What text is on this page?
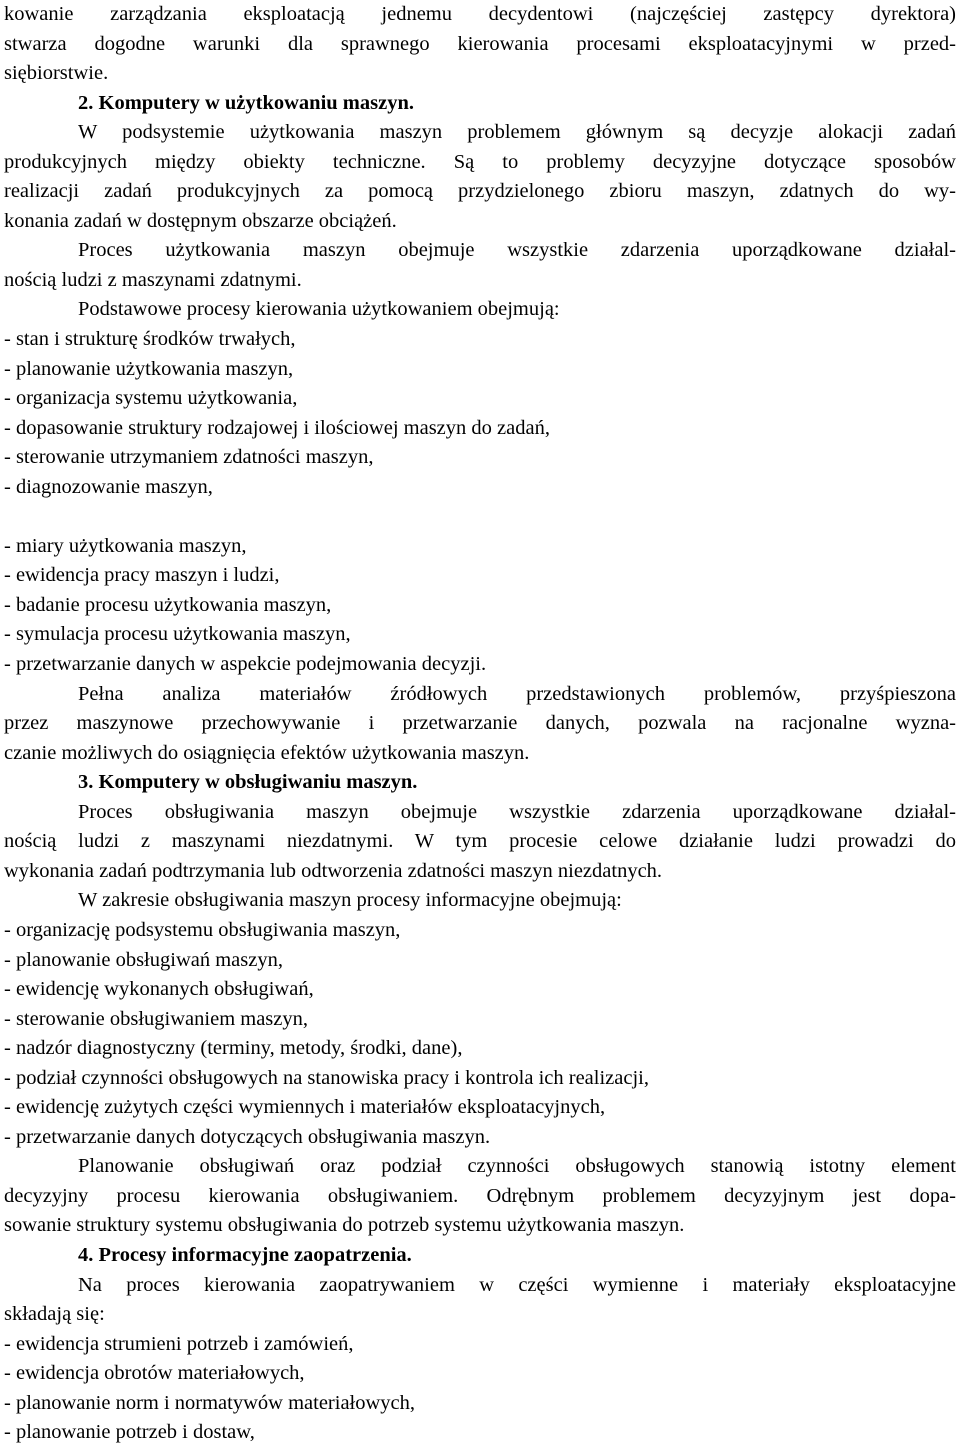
kowanie zarządzania eksploatacją jednemu decydentowi (najczęściej zastępcy dyrektora)
stwarza dogodne warunki dla sprawnego kierowania procesami eksploatacyjnymi w przed-
siębiorstwie.
2. Komputery w użytkowaniu maszyn.
W podsystemie użytkowania maszyn problemem głównym są decyzje alokacji zadań
produkcyjnych między obiekty techniczne. Są to problemy decyzyjne dotyczące sposobów
realizacji zadań produkcyjnych za pomocą przydzielonego zbioru maszyn, zdatnych do wy-
konania zadań w dostępnym obszarze obciążeń.
Proces użytkowania maszyn obejmuje wszystkie zdarzenia uporządkowane działal-
nością ludzi z maszynami zdatnymi.
Podstawowe procesy kierowania użytkowaniem obejmują:
- stan i strukturę środków trwałych,
- planowanie użytkowania maszyn,
- organizacja systemu użytkowania,
- dopasowanie struktury rodzajowej i ilościowej maszyn do zadań,
- sterowanie utrzymaniem zdatności maszyn,
- diagnozowanie maszyn,
- miary użytkowania maszyn,
- ewidencja pracy maszyn i ludzi,
- badanie procesu użytkowania maszyn,
- symulacja procesu użytkowania maszyn,
- przetwarzanie danych w aspekcie podejmowania decyzji.
Pełna analiza materiałów źródłowych przedstawionych problemów, przyśpieszona
przez maszynowe przechowywanie i przetwarzanie danych, pozwala na racjonalne wyzna-
czanie możliwych do osiągnięcia efektów użytkowania maszyn.
3. Komputery w obsługiwaniu maszyn.
Proces obsługiwania maszyn obejmuje wszystkie zdarzenia uporządkowane działal-
nością ludzi z maszynami niezdatnymi. W tym procesie celowe działanie ludzi prowadzi do
wykonania zadań podtrzymania lub odtworzenia zdatności maszyn niezdatnych.
W zakresie obsługiwania maszyn procesy informacyjne obejmują:
- organizację podsystemu obsługiwania maszyn,
- planowanie obsługiwań maszyn,
- ewidencję wykonanych obsługiwań,
- sterowanie obsługiwaniem maszyn,
- nadzór diagnostyczny (terminy, metody, środki, dane),
- podział czynności obsługowych na stanowiska pracy i kontrola ich realizacji,
- ewidencję zużytych części wymiennych i materiałów eksploatacyjnych,
- przetwarzanie danych dotyczących obsługiwania maszyn.
Planowanie obsługiwań oraz podział czynności obsługowych stanowią istotny element
decyzyjny procesu kierowania obsługiwaniem. Odrębnym problemem decyzyjnym jest dopa-
sowanie struktury systemu obsługiwania do potrzeb systemu użytkowania maszyn.
4. Procesy informacyjne zaopatrzenia.
Na proces kierowania zaopatrywaniem w części wymienne i materiały eksploatacyjne
składają się:
- ewidencja strumieni potrzeb i zamówień,
- ewidencja obrotów materiałowych,
- planowanie norm i normatywów materiałowych,
- planowanie potrzeb i dostaw,
